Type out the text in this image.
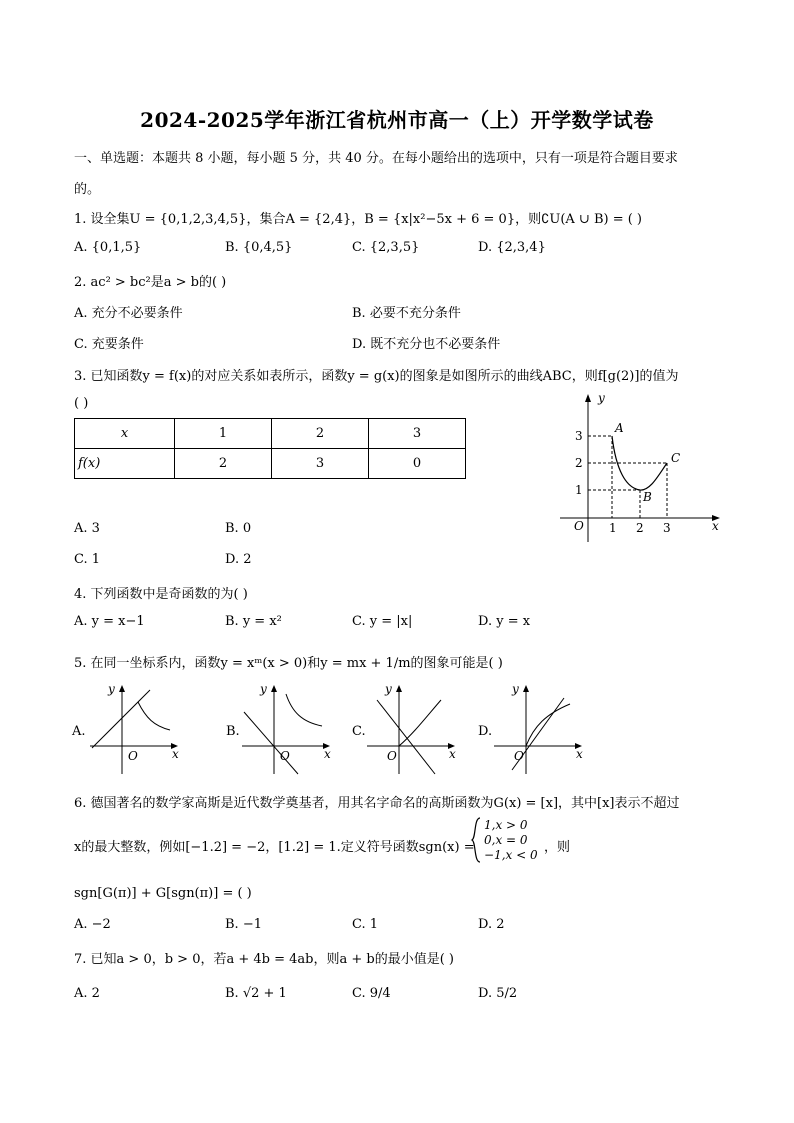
2024-2025学年浙江省杭州市高一（上）开学数学试卷
一、单选题：本题共 8 小题，每小题 5 分，共 40 分。在每小题给出的选项中，只有一项是符合题目要求
的。
1. 设全集U = {0,1,2,3,4,5}，集合A = {2,4}，B = {x|x²−5x + 6 = 0}，则∁U(A ∪ B) = ( )
A. {0,1,5}	B. {0,4,5}	C. {2,3,5}	D. {2,3,4}
2. ac² > bc²是a > b的( )
A. 充分不必要条件	B. 必要不充分条件
C. 充要条件	D. 既不充分也不必要条件
3. 已知函数y = f(x)的对应关系如表所示，函数y = g(x)的图象是如图所示的曲线ABC，则f[g(2)]的值为
( )
x	1	2	3
f(x)	2	3	0
y
x
O 1 2 3
1
2
3
A
B
C
A. 3	B. 0
C. 1	D. 2
4. 下列函数中是奇函数的为( )
A. y = x−1	B. y = x²	C. y = |x|	D. y = x
5. 在同一坐标系内，函数y = xᵐ(x > 0)和y = mx + 1/m的图象可能是( )
A.	B.	C.	D.
y
x
O
y
x
O
y
x
O
y
x
O
6. 德国著名的数学家高斯是近代数学奠基者，用其名字命名的高斯函数为G(x) = [x]，其中[x]表示不超过
x的最大整数，例如[−1.2] = −2，[1.2] = 1.定义符号函数sgn(x) =
1,x > 0
0,x = 0
−1,x < 0 ，则
sgn[G(π)] + G[sgn(π)] = ( )
A. −2	B. −1	C. 1	D. 2
7. 已知a > 0，b > 0，若a + 4b = 4ab，则a + b的最小值是( )
A. 2	B. √2 + 1	C. 9/4	D. 5/2
